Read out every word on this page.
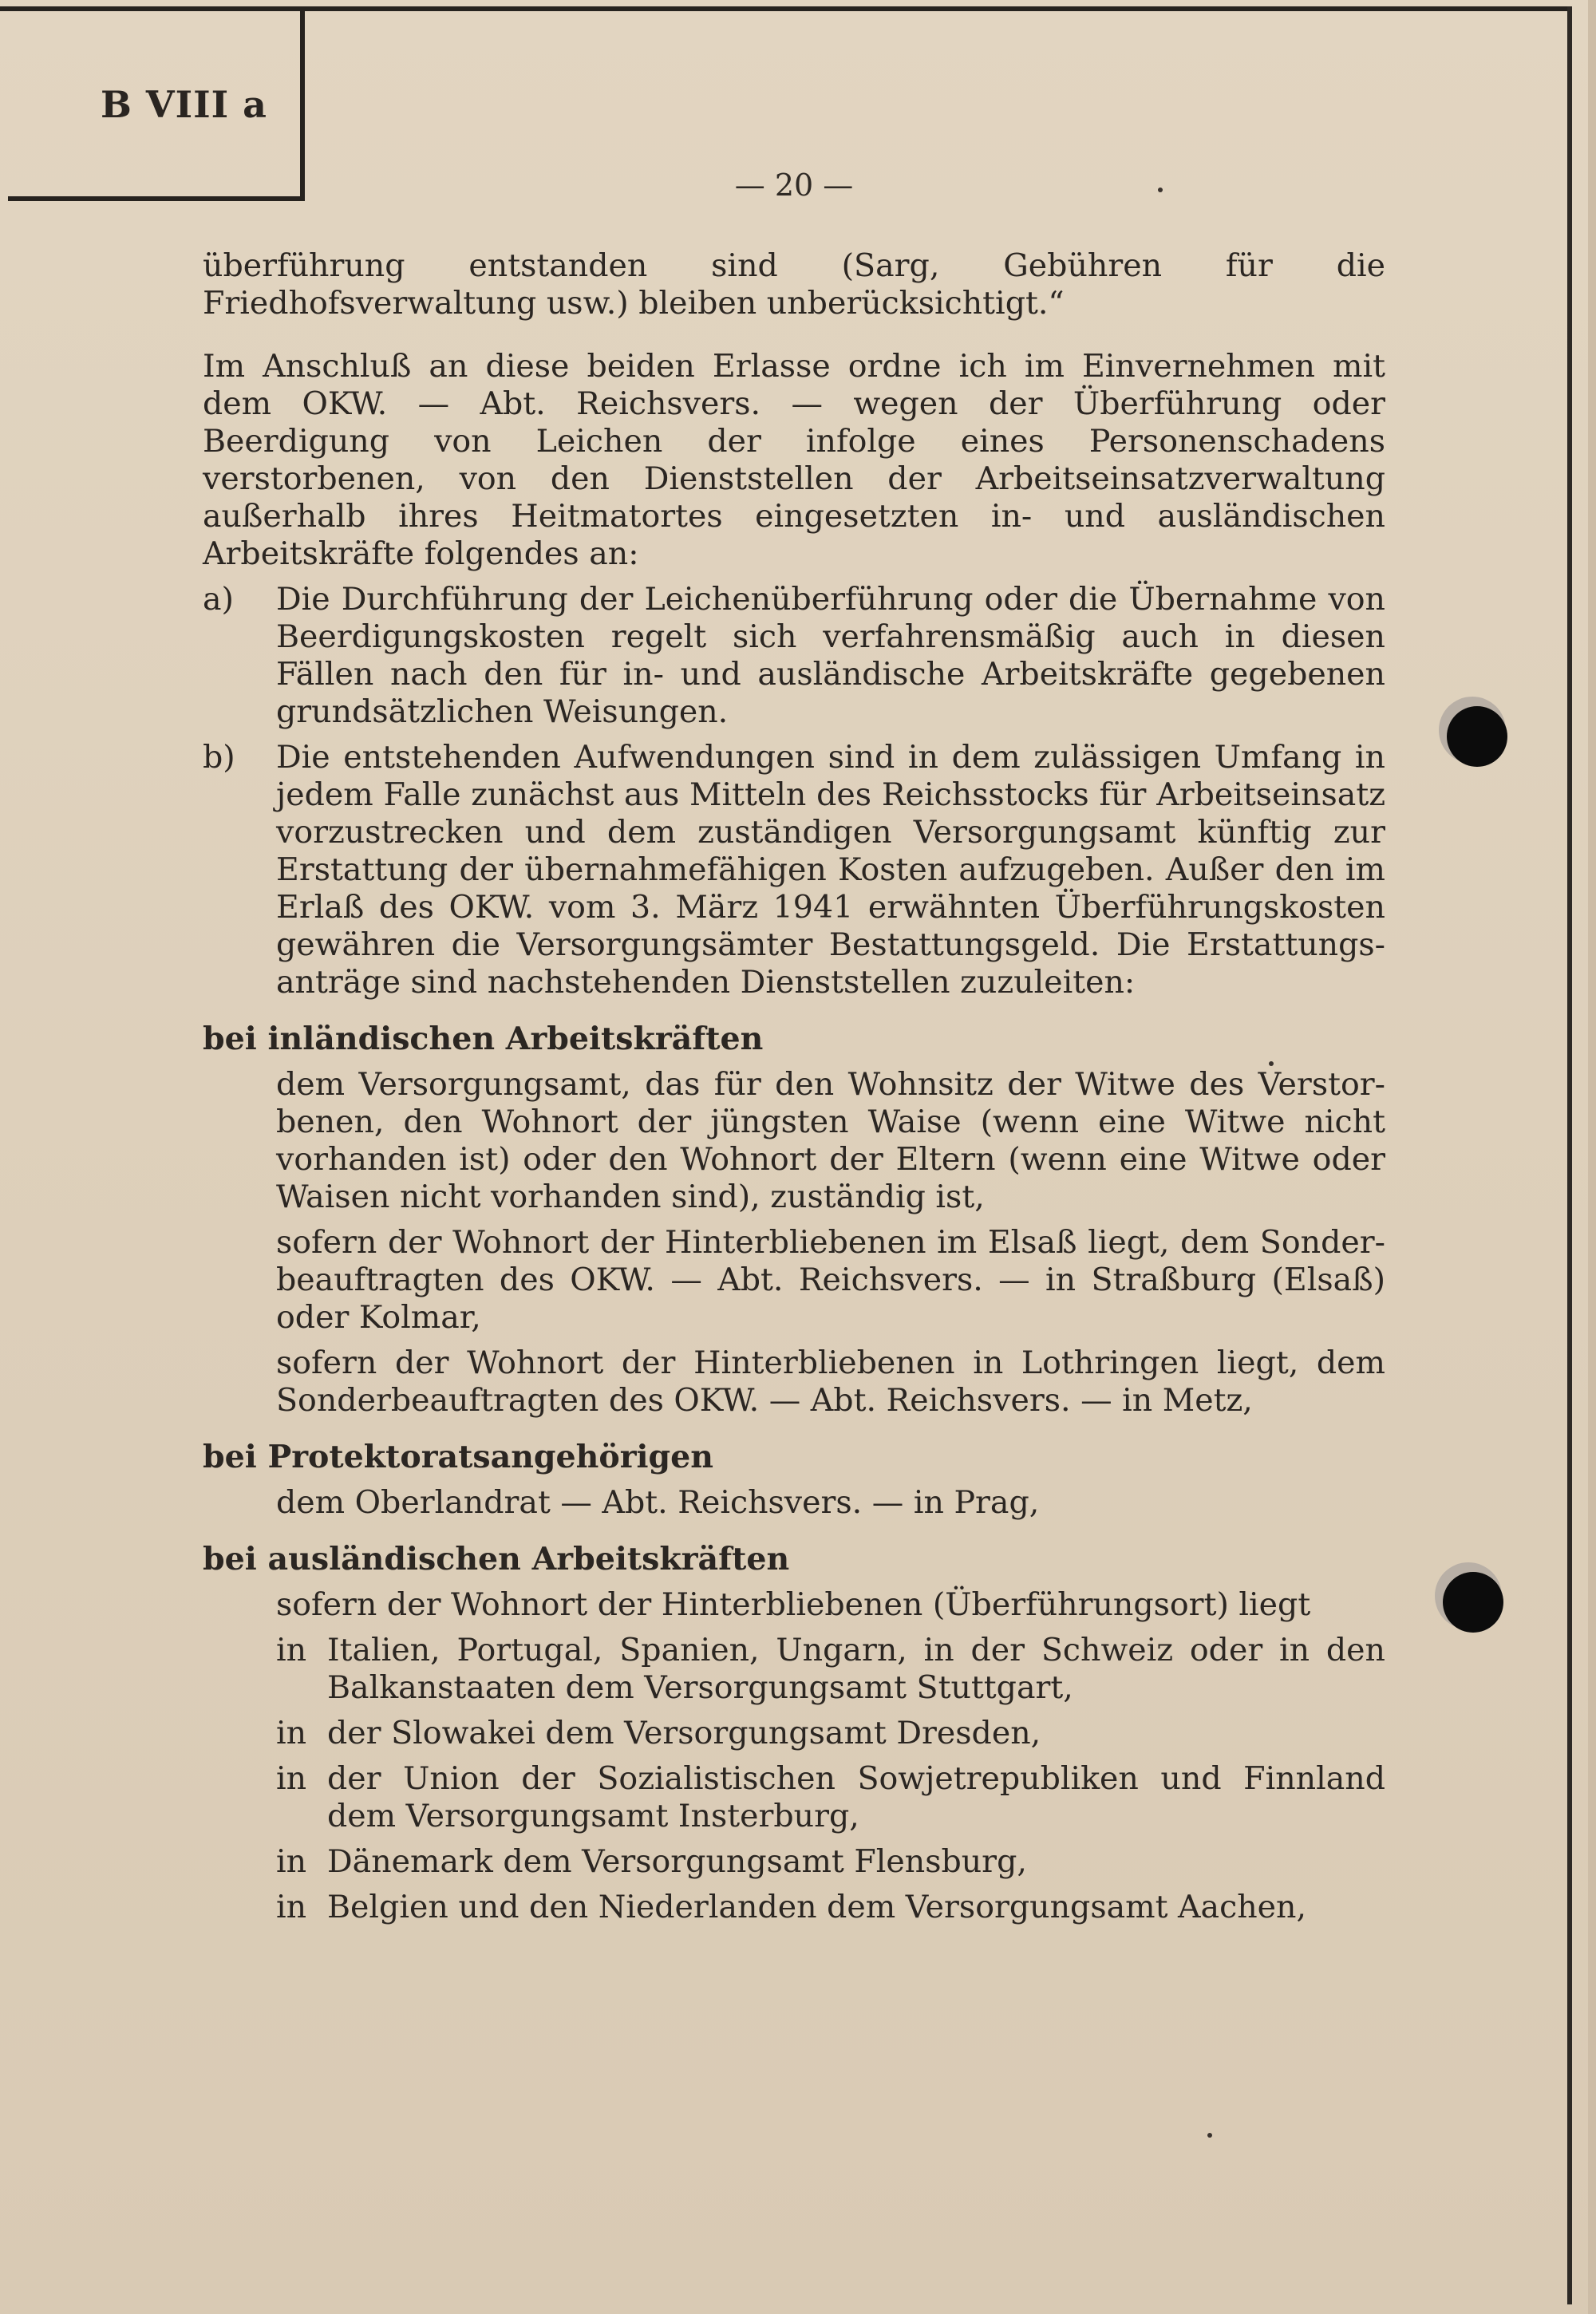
B VIII a

— 20 —

überführung entstanden sind (Sarg, Gebühren für die Friedhofsverwaltung usw.) bleiben unberücksichtigt.“

Im Anschluß an diese beiden Erlasse ordne ich im Einvernehmen mit dem OKW. — Abt. Reichsvers. — wegen der Überführung oder Beerdigung von Leichen der infolge eines Personenschadens verstorbenen, von den Dienststellen der Arbeitseinsatzverwaltung außerhalb ihres Heitmatortes eingesetzten in- und ausländischen Arbeitskräfte folgendes an:

a)	Die Durchführung der Leichenüberführung oder die Übernahme von Beerdigungskosten regelt sich verfahrensmäßig auch in diesen Fällen nach den für in- und ausländische Arbeitskräfte gegebenen grundsätzlichen Weisungen.
b)	Die entstehenden Aufwendungen sind in dem zulässigen Umfang in jedem Falle zunächst aus Mitteln des Reichsstocks für Arbeitseinsatz vorzustrecken und dem zuständigen Versorgungsamt künftig zur Erstattung der übernahmefähigen Kosten aufzugeben. Außer den im Erlaß des OKW. vom 3. März 1941 erwähnten Überführungskosten gewähren die Versorgungsämter Bestattungsgeld. Die Erstattungsanträge sind nachstehenden Dienststellen zuzuleiten:

bei inländischen Arbeitskräften

dem Versorgungsamt, das für den Wohnsitz der Witwe des Verstorbenen, den Wohnort der jüngsten Waise (wenn eine Witwe nicht vorhanden ist) oder den Wohnort der Eltern (wenn eine Witwe oder Waisen nicht vorhanden sind), zuständig ist,

sofern der Wohnort der Hinterbliebenen im Elsaß liegt, dem Sonderbeauftragten des OKW. — Abt. Reichsvers. — in Straßburg (Elsaß) oder Kolmar,

sofern der Wohnort der Hinterbliebenen in Lothringen liegt, dem Sonderbeauftragten des OKW. — Abt. Reichsvers. — in Metz,

bei Protektoratsangehörigen

dem Oberlandrat — Abt. Reichsvers. — in Prag,

bei ausländischen Arbeitskräften

sofern der Wohnort der Hinterbliebenen (Überführungsort) liegt

in Italien, Portugal, Spanien, Ungarn, in der Schweiz oder in den Balkanstaaten dem Versorgungsamt Stuttgart,
in der Slowakei dem Versorgungsamt Dresden,
in der Union der Sozialistischen Sowjetrepubliken und Finnland dem Versorgungsamt Insterburg,
in Dänemark dem Versorgungsamt Flensburg,
in Belgien und den Niederlanden dem Versorgungsamt Aachen,
